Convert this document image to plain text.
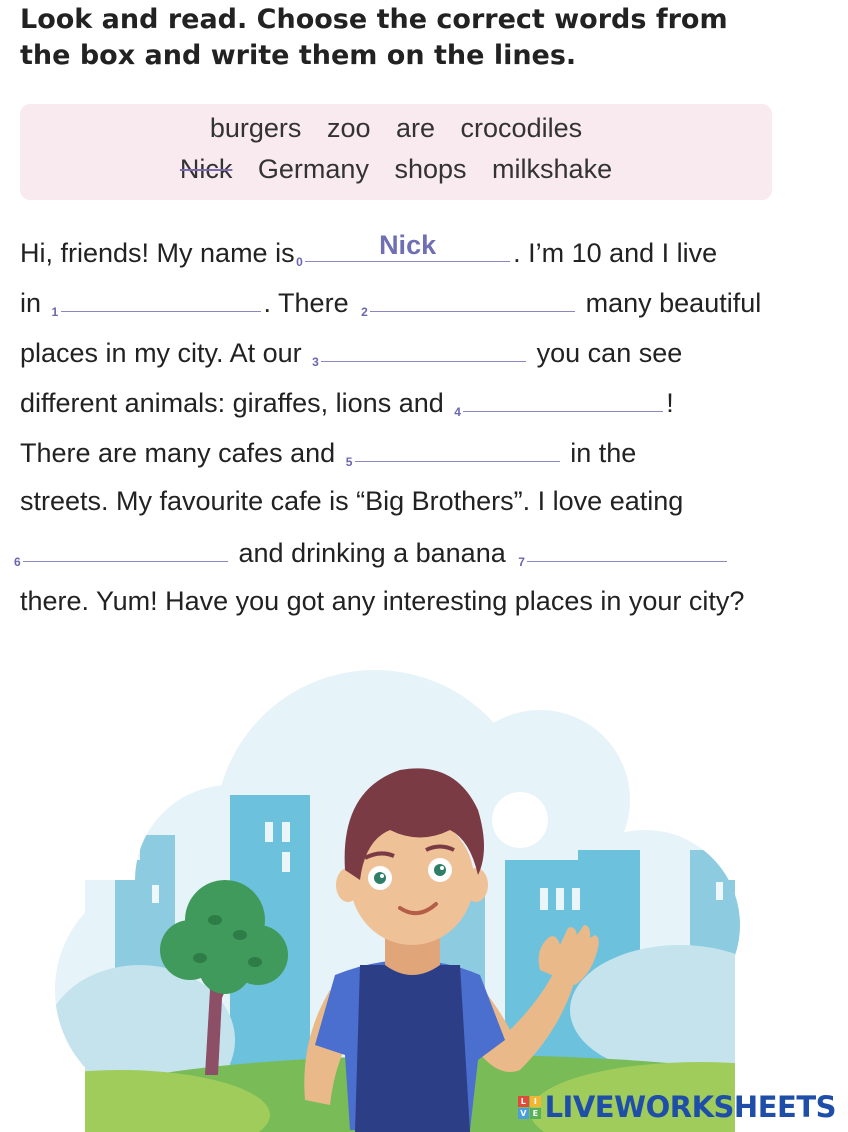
Look and read. Choose the correct words from
the box and write them on the lines.
burgers zoo are crocodiles
Nick Germany shops milkshake
Hi, friends! My name is 0
Nick	. I’m 10 and I live
in 1	. There 2	many beautiful
places in my city. At our 3	you can see
different animals: giraffes, lions and 4	!
There are many cafes and 5	in the
streets. My favourite cafe is “Big Brothers”. I love eating
6	and drinking a banana 7
there. Yum! Have you got any interesting places in your city?
L	I
V E LIVEWORKSHEETS
